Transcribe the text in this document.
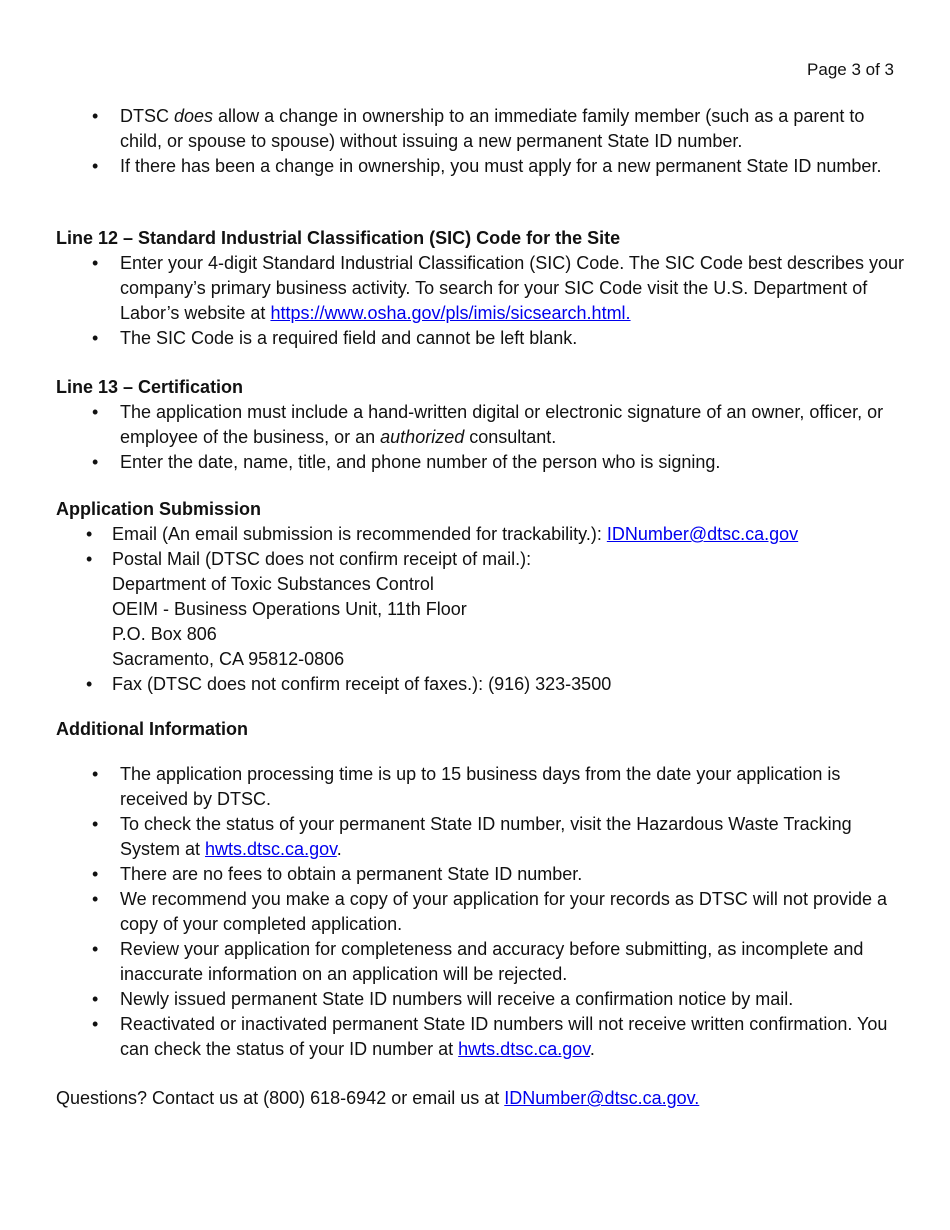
Page 3 of 3
• DTSC does allow a change in ownership to an immediate family member (such as a parent to child, or spouse to spouse) without issuing a new permanent State ID number.
• If there has been a change in ownership, you must apply for a new permanent State ID number.
Line 12 – Standard Industrial Classification (SIC) Code for the Site
• Enter your 4-digit Standard Industrial Classification (SIC) Code. The SIC Code best describes your company’s primary business activity. To search for your SIC Code visit the U.S. Department of Labor’s website at https://www.osha.gov/pls/imis/sicsearch.html.
• The SIC Code is a required field and cannot be left blank.
Line 13 – Certification
• The application must include a hand-written digital or electronic signature of an owner, officer, or employee of the business, or an authorized consultant.
• Enter the date, name, title, and phone number of the person who is signing.
Application Submission
• Email (An email submission is recommended for trackability.): IDNumber@dtsc.ca.gov
• Postal Mail (DTSC does not confirm receipt of mail.):
Department of Toxic Substances Control
OEIM - Business Operations Unit, 11th Floor
P.O. Box 806
Sacramento, CA 95812-0806
• Fax (DTSC does not confirm receipt of faxes.): (916) 323-3500
Additional Information
• The application processing time is up to 15 business days from the date your application is received by DTSC.
• To check the status of your permanent State ID number, visit the Hazardous Waste Tracking System at hwts.dtsc.ca.gov.
• There are no fees to obtain a permanent State ID number.
• We recommend you make a copy of your application for your records as DTSC will not provide a copy of your completed application.
• Review your application for completeness and accuracy before submitting, as incomplete and inaccurate information on an application will be rejected.
• Newly issued permanent State ID numbers will receive a confirmation notice by mail.
• Reactivated or inactivated permanent State ID numbers will not receive written confirmation. You can check the status of your ID number at hwts.dtsc.ca.gov.
Questions? Contact us at (800) 618-6942 or email us at IDNumber@dtsc.ca.gov.
